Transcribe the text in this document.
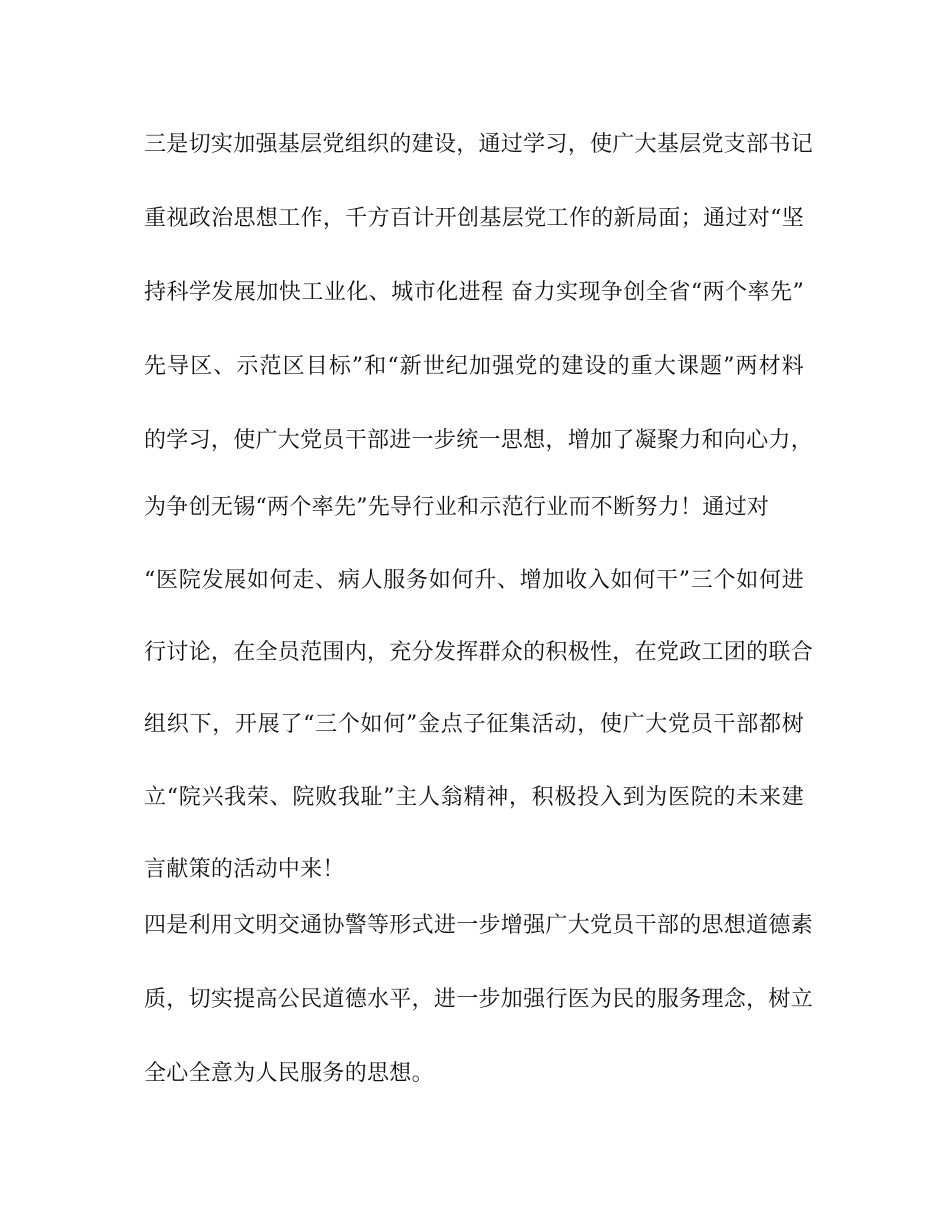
三是切实加强基层党组织的建设，通过学习，使广大基层党支部书记
重视政治思想工作，千方百计开创基层党工作的新局面；通过对“坚
持科学发展加快工业化、城市化进程 奋力实现争创全省“两个率先”
先导区、示范区目标”和“新世纪加强党的建设的重大课题”两材料
的学习，使广大党员干部进一步统一思想，增加了凝聚力和向心力，
为争创无锡“两个率先”先导行业和示范行业而不断努力！通过对
“医院发展如何走、病人服务如何升、增加收入如何干”三个如何进
行讨论，在全员范围内，充分发挥群众的积极性，在党政工团的联合
组织下，开展了“三个如何”金点子征集活动，使广大党员干部都树
立“院兴我荣、院败我耻”主人翁精神，积极投入到为医院的未来建
言献策的活动中来！
四是利用文明交通协警等形式进一步增强广大党员干部的思想道德素
质，切实提高公民道德水平，进一步加强行医为民的服务理念，树立
全心全意为人民服务的思想。
